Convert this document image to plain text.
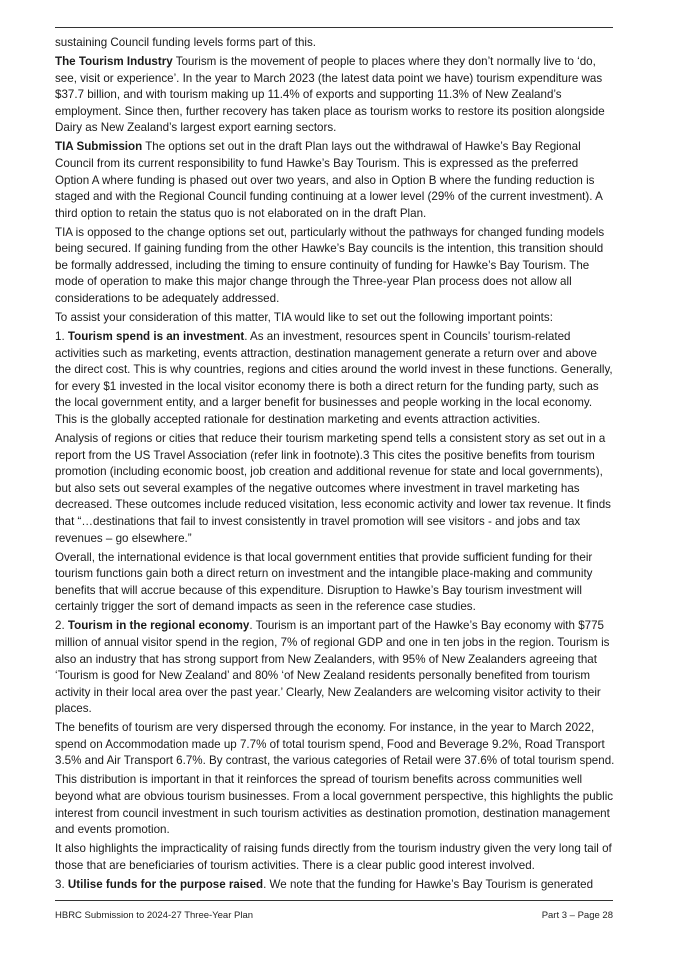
sustaining Council funding levels forms part of this.

The Tourism Industry Tourism is the movement of people to places where they don’t normally live to ‘do, see, visit or experience’. In the year to March 2023 (the latest data point we have) tourism expenditure was $37.7 billion, and with tourism making up 11.4% of exports and supporting 11.3% of New Zealand’s employment. Since then, further recovery has taken place as tourism works to restore its position alongside Dairy as New Zealand’s largest export earning sectors.

TIA Submission The options set out in the draft Plan lays out the withdrawal of Hawke’s Bay Regional Council from its current responsibility to fund Hawke’s Bay Tourism. This is expressed as the preferred Option A where funding is phased out over two years, and also in Option B where the funding reduction is staged and with the Regional Council funding continuing at a lower level (29% of the current investment). A third option to retain the status quo is not elaborated on in the draft Plan.

TIA is opposed to the change options set out, particularly without the pathways for changed funding models being secured. If gaining funding from the other Hawke’s Bay councils is the intention, this transition should be formally addressed, including the timing to ensure continuity of funding for Hawke’s Bay Tourism. The mode of operation to make this major change through the Three-year Plan process does not allow all considerations to be adequately addressed.

To assist your consideration of this matter, TIA would like to set out the following important points:

1. Tourism spend is an investment. As an investment, resources spent in Councils’ tourism-related activities such as marketing, events attraction, destination management generate a return over and above the direct cost. This is why countries, regions and cities around the world invest in these functions. Generally, for every $1 invested in the local visitor economy there is both a direct return for the funding party, such as the local government entity, and a larger benefit for businesses and people working in the local economy. This is the globally accepted rationale for destination marketing and events attraction activities.

Analysis of regions or cities that reduce their tourism marketing spend tells a consistent story as set out in a report from the US Travel Association (refer link in footnote).3 This cites the positive benefits from tourism promotion (including economic boost, job creation and additional revenue for state and local governments), but also sets out several examples of the negative outcomes where investment in travel marketing has decreased. These outcomes include reduced visitation, less economic activity and lower tax revenue. It finds that “…destinations that fail to invest consistently in travel promotion will see visitors - and jobs and tax revenues – go elsewhere.”

Overall, the international evidence is that local government entities that provide sufficient funding for their tourism functions gain both a direct return on investment and the intangible place-making and community benefits that will accrue because of this expenditure. Disruption to Hawke’s Bay tourism investment will certainly trigger the sort of demand impacts as seen in the reference case studies.

2. Tourism in the regional economy. Tourism is an important part of the Hawke’s Bay economy with $775 million of annual visitor spend in the region, 7% of regional GDP and one in ten jobs in the region. Tourism is also an industry that has strong support from New Zealanders, with 95% of New Zealanders agreeing that ‘Tourism is good for New Zealand’ and 80% ‘of New Zealand residents personally benefited from tourism activity in their local area over the past year.’ Clearly, New Zealanders are welcoming visitor activity to their places.

The benefits of tourism are very dispersed through the economy. For instance, in the year to March 2022, spend on Accommodation made up 7.7% of total tourism spend, Food and Beverage 9.2%, Road Transport 3.5% and Air Transport 6.7%. By contrast, the various categories of Retail were 37.6% of total tourism spend.

This distribution is important in that it reinforces the spread of tourism benefits across communities well beyond what are obvious tourism businesses. From a local government perspective, this highlights the public interest from council investment in such tourism activities as destination promotion, destination management and events promotion.

It also highlights the impracticality of raising funds directly from the tourism industry given the very long tail of those that are beneficiaries of tourism activities. There is a clear public good interest involved.

3. Utilise funds for the purpose raised. We note that the funding for Hawke’s Bay Tourism is generated

HBRC Submission to 2024-27 Three-Year Plan	Part 3 – Page 28
